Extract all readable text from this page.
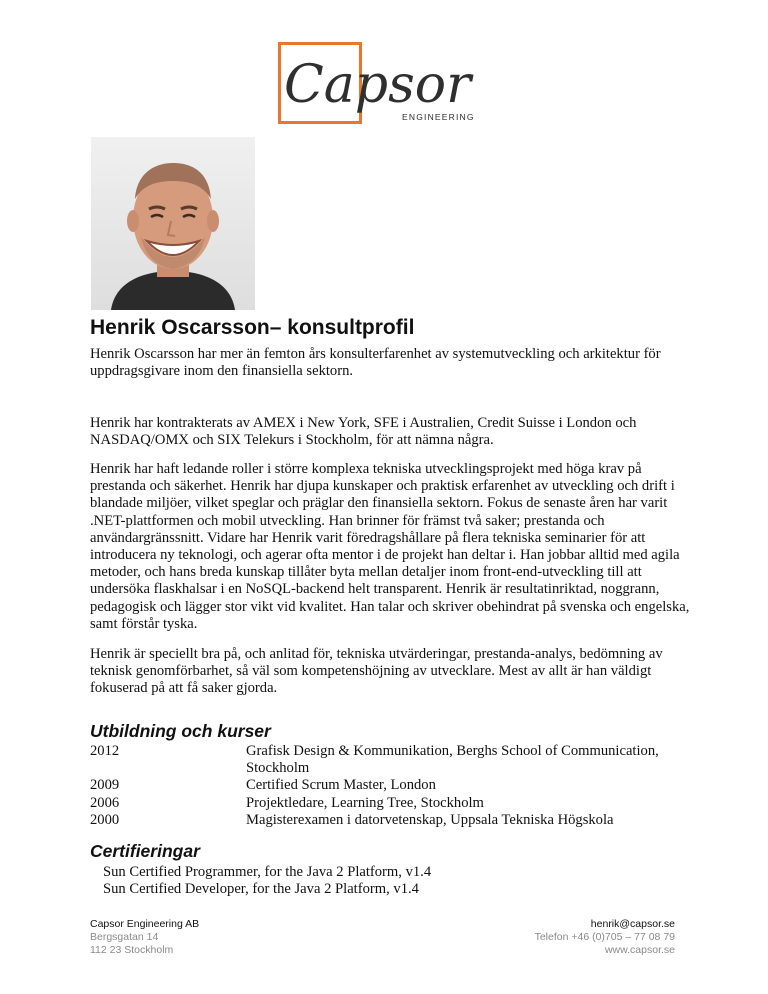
Capsor
ENGINEERING
Henrik Oscarsson– konsultprofil

Henrik Oscarsson har mer än femton års konsulterfarenhet av systemutveckling och arkitektur för uppdragsgivare inom den finansiella sektorn.

Henrik har kontrakterats av AMEX i New York, SFE i Australien, Credit Suisse i London och NASDAQ/OMX och SIX Telekurs i Stockholm, för att nämna några.

Henrik har haft ledande roller i större komplexa tekniska utvecklingsprojekt med höga krav på prestanda och säkerhet. Henrik har djupa kunskaper och praktisk erfarenhet av utveckling och drift i blandade miljöer, vilket speglar och präglar den finansiella sektorn. Fokus de senaste åren har varit .NET-plattformen och mobil utveckling. Han brinner för främst två saker; prestanda och användargränssnitt. Vidare har Henrik varit föredragshållare på flera tekniska seminarier för att introducera ny teknologi, och agerar ofta mentor i de projekt han deltar i. Han jobbar alltid med agila metoder, och hans breda kunskap tillåter byta mellan detaljer inom front-end-utveckling till att undersöka flaskhalsar i en NoSQL-backend helt transparent. Henrik är resultatinriktad, noggrann, pedagogisk och lägger stor vikt vid kvalitet. Han talar och skriver obehindrat på svenska och engelska, samt förstår tyska.

Henrik är speciellt bra på, och anlitad för, tekniska utvärderingar, prestanda-analys, bedömning av teknisk genomförbarhet, så väl som kompetenshöjning av utvecklare. Mest av allt är han väldigt fokuserad på att få saker gjorda.

Utbildning och kurser
2012	Grafisk Design & Kommunikation, Berghs School of Communication, Stockholm
2009	Certified Scrum Master, London
2006	Projektledare, Learning Tree, Stockholm
2000	Magisterexamen i datorvetenskap, Uppsala Tekniska Högskola
Certifieringar
Sun Certified Programmer, for the Java 2 Platform, v1.4
Sun Certified Developer, for the Java 2 Platform, v1.4
Capsor Engineering AB
Bergsgatan 14
112 23 Stockholm
henrik@capsor.se
Telefon +46 (0)705 – 77 08 79
www.capsor.se
